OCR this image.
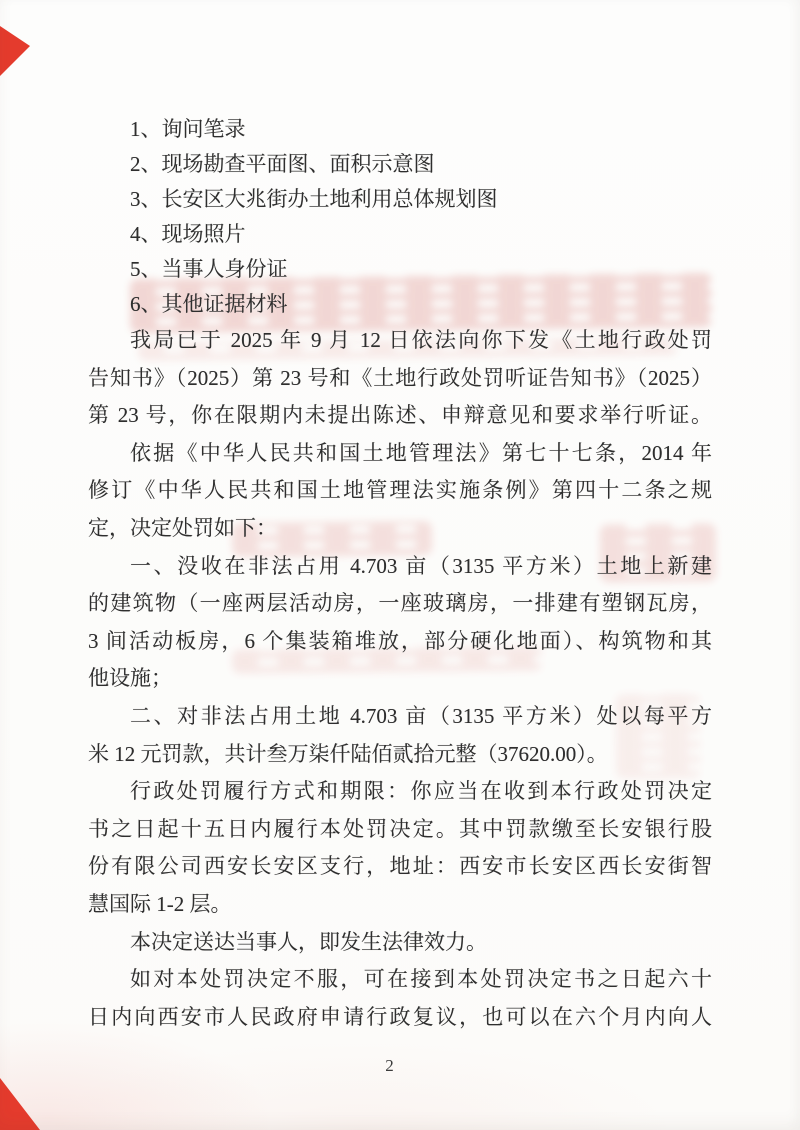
1、询问笔录
2、现场勘查平面图、面积示意图
3、长安区大兆街办土地利用总体规划图
4、现场照片
5、当事人身份证
6、其他证据材料
我局已于 2025 年 9 月 12 日依法向你下发《土地行政处罚
告知书》（2025）第 23 号和《土地行政处罚听证告知书》（2025）
第 23 号，你在限期内未提出陈述、申辩意见和要求举行听证。
依据《中华人民共和国土地管理法》第七十七条，2014 年
修订《中华人民共和国土地管理法实施条例》第四十二条之规
定，决定处罚如下：
一、没收在非法占用 4.703 亩（3135 平方米）土地上新建
的建筑物（一座两层活动房，一座玻璃房，一排建有塑钢瓦房，
3 间活动板房，6 个集装箱堆放，部分硬化地面）、构筑物和其
他设施；
二、对非法占用土地 4.703 亩（3135 平方米）处以每平方
米 12 元罚款，共计叁万柒仟陆佰贰拾元整（37620.00）。
行政处罚履行方式和期限：你应当在收到本行政处罚决定
书之日起十五日内履行本处罚决定。其中罚款缴至长安银行股
份有限公司西安长安区支行，地址：西安市长安区西长安街智
慧国际 1-2 层。
本决定送达当事人，即发生法律效力。
如对本处罚决定不服，可在接到本处罚决定书之日起六十
日内向西安市人民政府申请行政复议，也可以在六个月内向人
2
